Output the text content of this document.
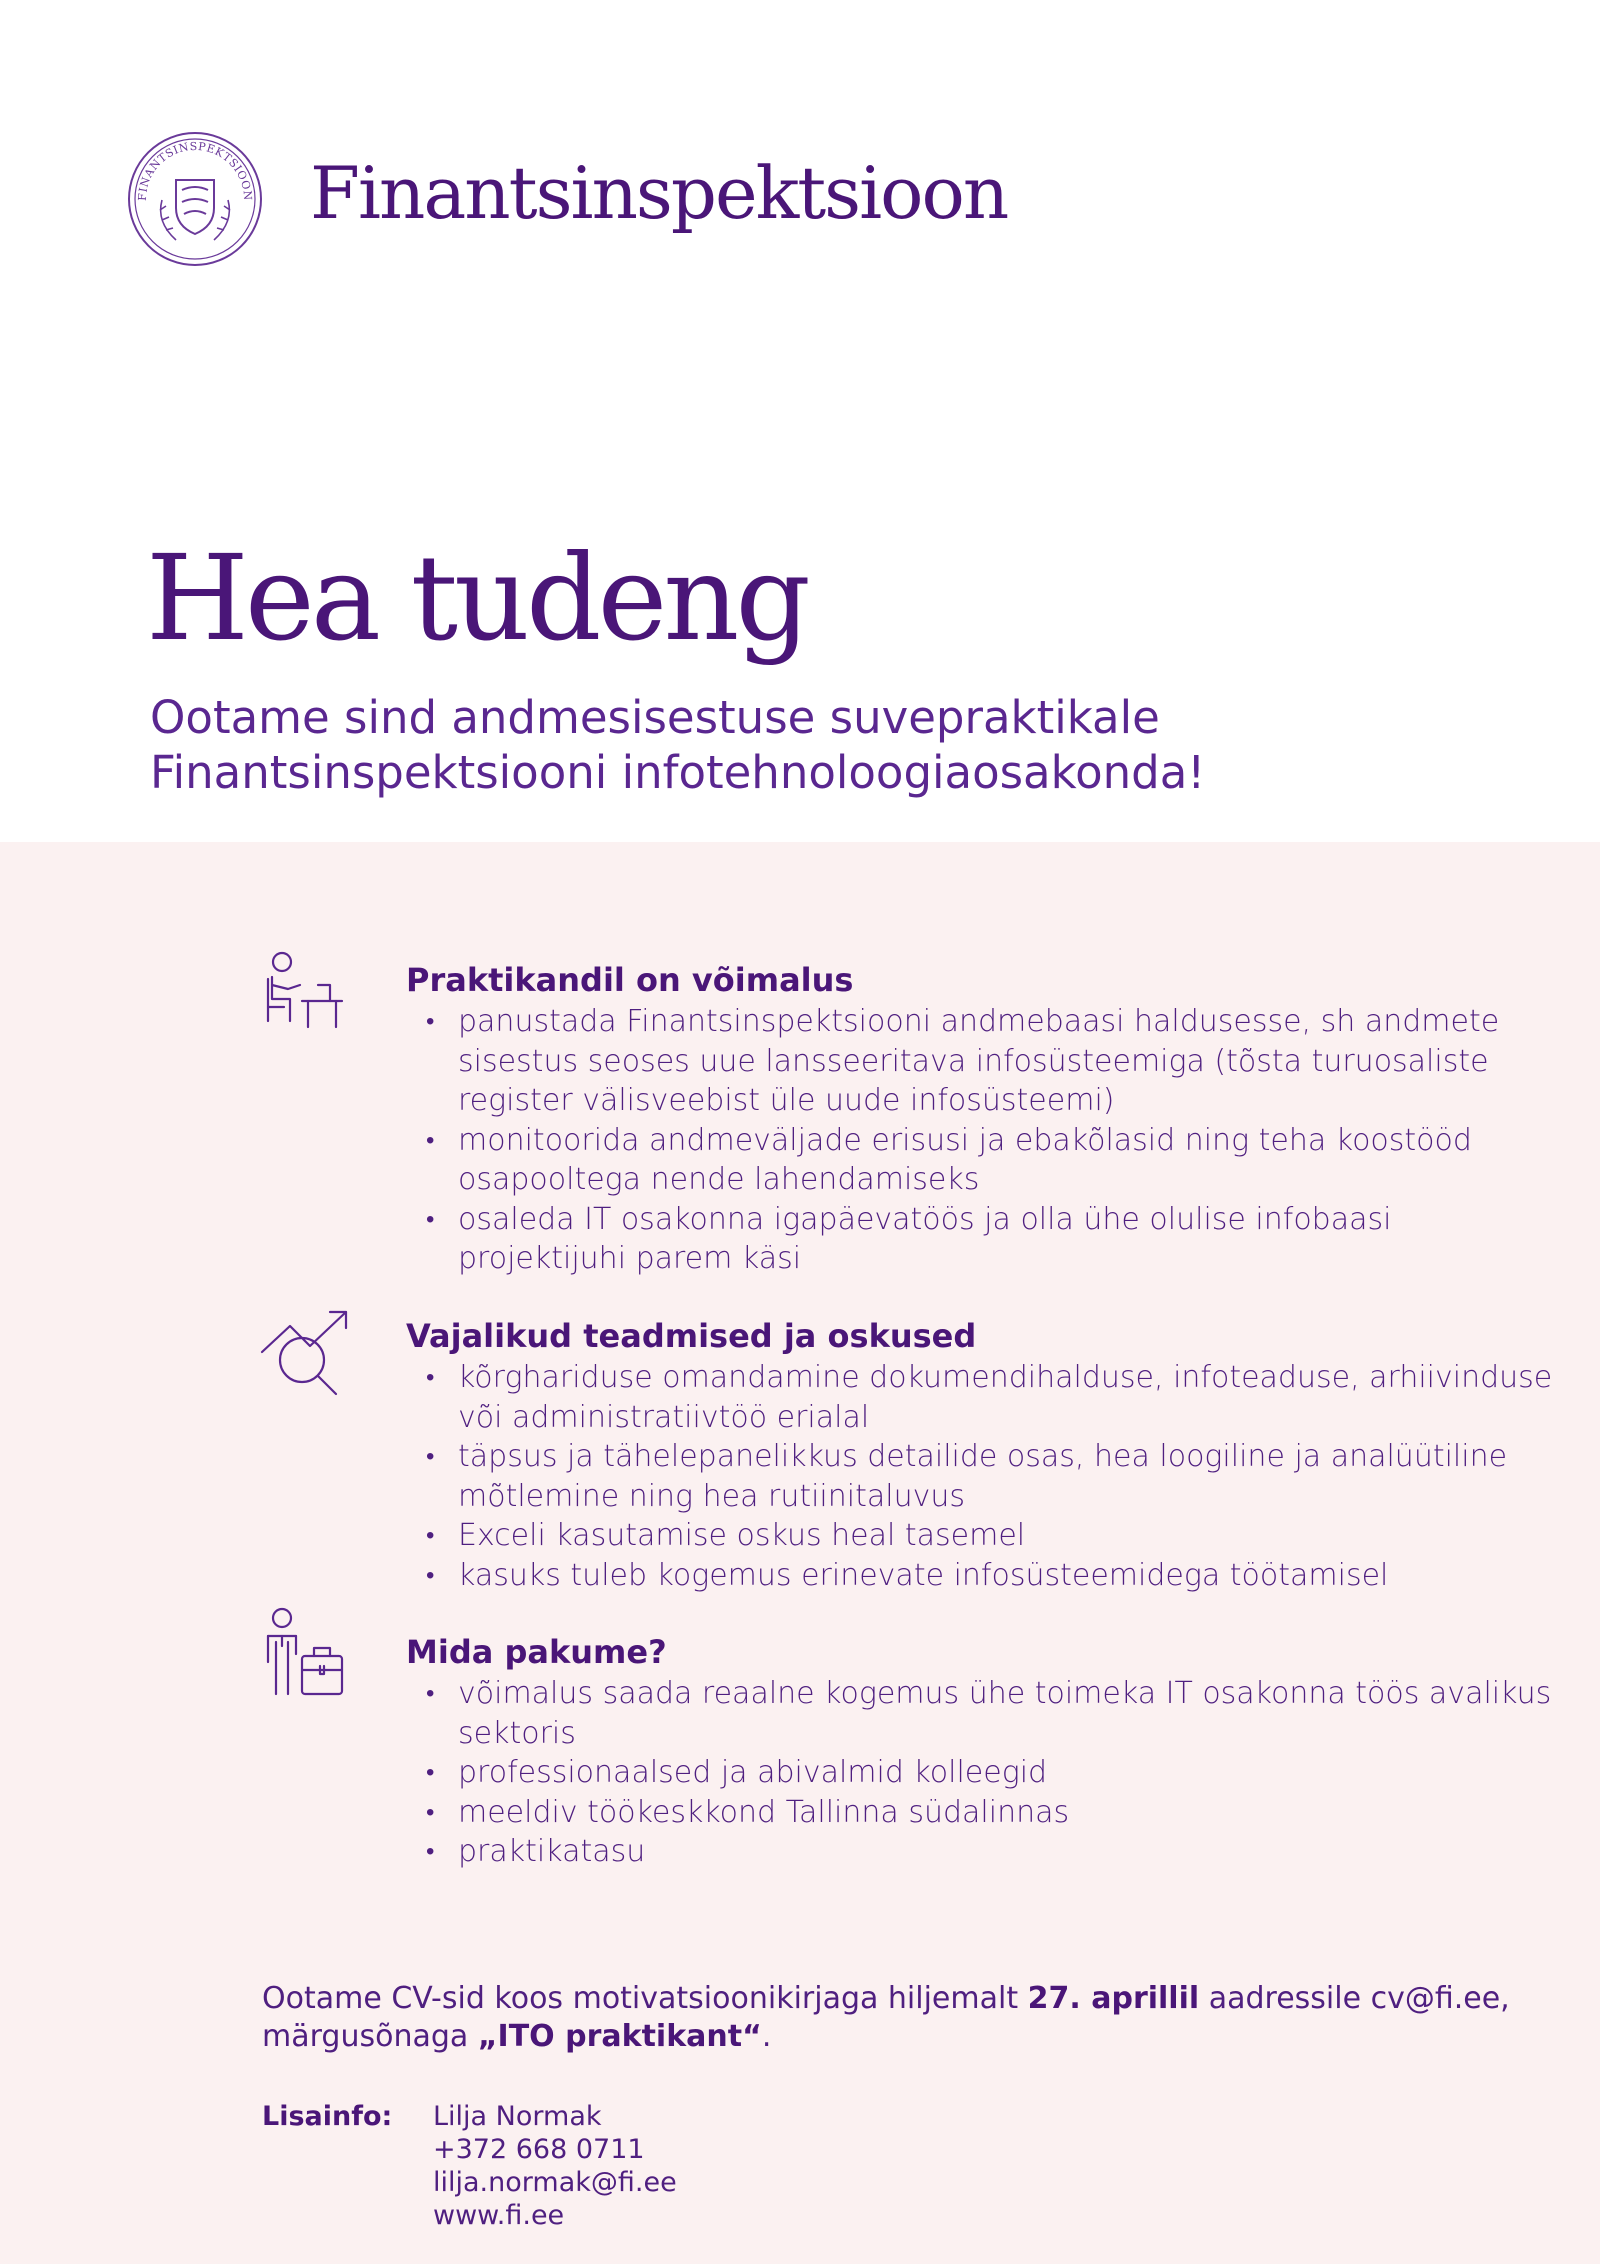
FINANTSINSPEKTSIOON Finantsinspektsioon
Hea tudeng
Ootame sind andmesisestuse suvepraktikale
Finantsinspektsiooni infotehnoloogiaosakonda!
Praktikandil on võimalus
• panustada Finantsinspektsiooni andmebaasi haldusesse, sh andmete sisestus seoses uue lansseeritava infosüsteemiga (tõsta turuosaliste register välisveebist üle uude infosüsteemi)
• monitoorida andmeväljade erisusi ja ebakõlasid ning teha koostööd osapooltega nende lahendamiseks
• osaleda IT osakonna igapäevatöös ja olla ühe olulise infobaasi projektijuhi parem käsi
Vajalikud teadmised ja oskused
• kõrghariduse omandamine dokumendihalduse, infoteaduse, arhiivinduse või administratiivtöö erialal
• täpsus ja tähelepanelikkus detailide osas, hea loogiline ja analüütiline mõtlemine ning hea rutiinitaluvus
• Exceli kasutamise oskus heal tasemel
• kasuks tuleb kogemus erinevate infosüsteemidega töötamisel
Mida pakume?
• võimalus saada reaalne kogemus ühe toimeka IT osakonna töös avalikus sektoris
• professionaalsed ja abivalmid kolleegid
• meeldiv töökeskkond Tallinna südalinnas
• praktikatasu
Ootame CV-sid koos motivatsioonikirjaga hiljemalt 27. aprillil aadressile cv@fi.ee, märgusõnaga „ITO praktikant“.
Lisainfo: Lilja Normak
+372 668 0711
lilja.normak@fi.ee
www.fi.ee
